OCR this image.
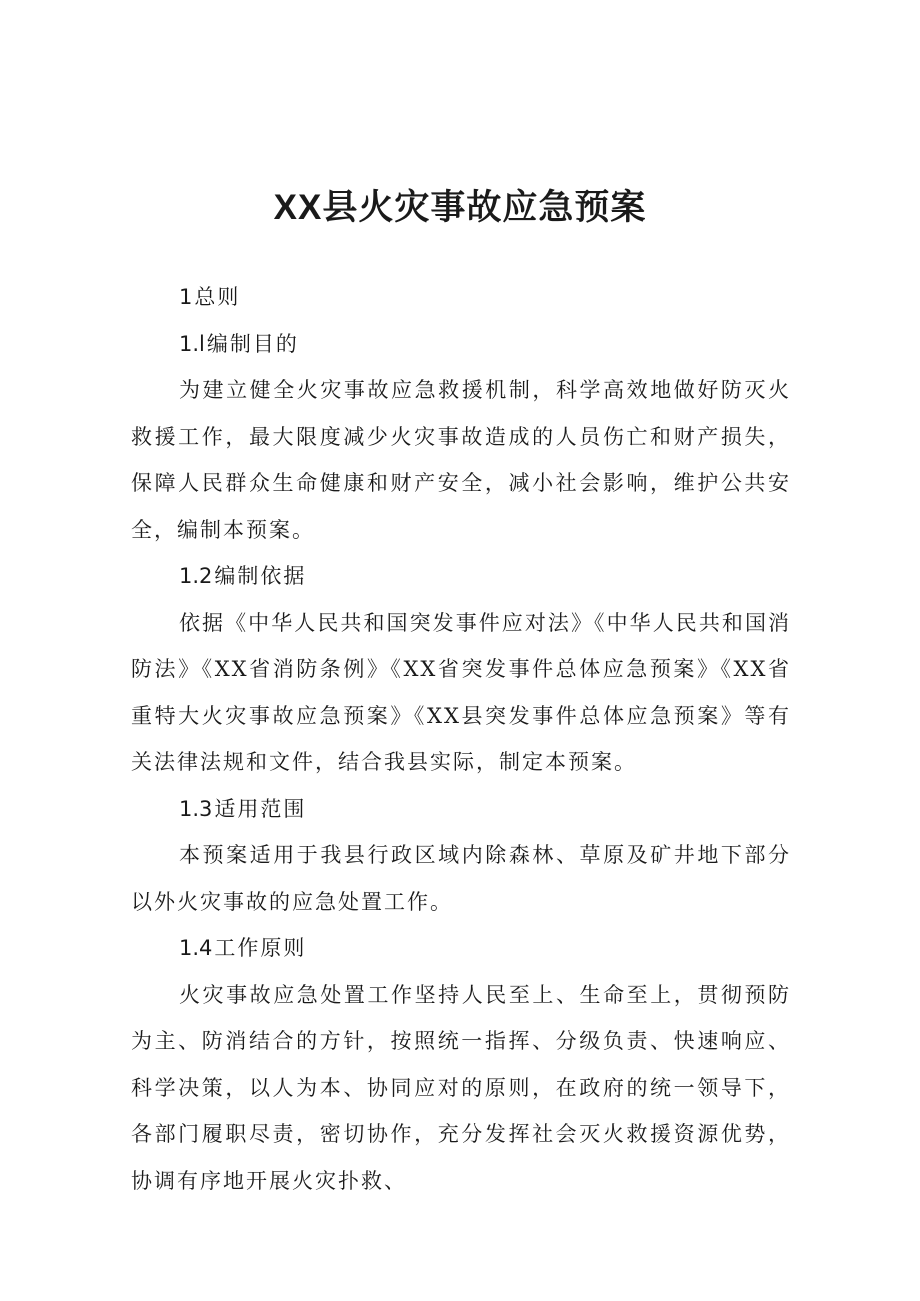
XX县火灾事故应急预案

1总则

1.l编制目的

为建立健全火灾事故应急救援机制，科学高效地做好防灭火救援工作，最大限度减少火灾事故造成的人员伤亡和财产损失，保障人民群众生命健康和财产安全，减小社会影响，维护公共安全，编制本预案。

1.2编制依据

依据《中华人民共和国突发事件应对法》《中华人民共和国消防法》《XX省消防条例》《XX省突发事件总体应急预案》《XX省重特大火灾事故应急预案》《XX县突发事件总体应急预案》等有关法律法规和文件，结合我县实际，制定本预案。

1.3适用范围

本预案适用于我县行政区域内除森林、草原及矿井地下部分以外火灾事故的应急处置工作。

1.4工作原则

火灾事故应急处置工作坚持人民至上、生命至上，贯彻预防为主、防消结合的方针，按照统一指挥、分级负责、快速响应、科学决策，以人为本、协同应对的原则，在政府的统一领导下，各部门履职尽责，密切协作，充分发挥社会灭火救援资源优势，协调有序地开展火灾扑救、
